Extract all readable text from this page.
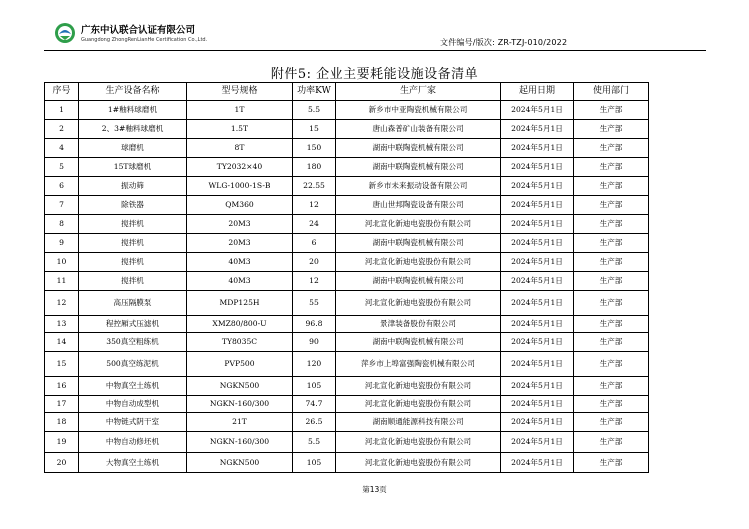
广东中认联合认证有限公司
Guangdong ZhongRenLianHe Certification Co.,Ltd.	文件编号/版次: ZR-TZJ-010/2022
附件5: 企业主要耗能设施设备清单
序号	生产设备名称	型号规格	功率KW	生产厂家	起用日期	使用部门
1	1#釉料球磨机	1T	5.5	新乡市中亚陶瓷机械有限公司	2024年5月1日	生产部
2	2、3#釉料球磨机	1.5T	15	唐山森普矿山装备有限公司	2024年5月1日	生产部
4	球磨机	8T	150	湖南中联陶瓷机械有限公司	2024年5月1日	生产部
5	15T球磨机	TY2032×40	180	湖南中联陶瓷机械有限公司	2024年5月1日	生产部
6	振动筛	WLG-1000-1S-B	22.55	新乡市未来振动设备有限公司	2024年5月1日	生产部
7	除铁器	QM360	12	唐山世邦陶瓷设备有限公司	2024年5月1日	生产部
8	搅拌机	20M3	24	河北宣化新迪电瓷股份有限公司	2024年5月1日	生产部
9	搅拌机	20M3	6	湖南中联陶瓷机械有限公司	2024年5月1日	生产部
10	搅拌机	40M3	20	河北宣化新迪电瓷股份有限公司	2024年5月1日	生产部
11	搅拌机	40M3	12	湖南中联陶瓷机械有限公司	2024年5月1日	生产部
12	高压隔膜泵	MDP125H	55	河北宣化新迪电瓷股份有限公司	2024年5月1日	生产部
13	程控厢式压滤机	XMZ80/800-U	96.8	景津装备股份有限公司	2024年5月1日	生产部
14	350真空粗练机	TY8035C	90	湖南中联陶瓷机械有限公司	2024年5月1日	生产部
15	500真空练泥机	PVP500	120	萍乡市上埠富强陶瓷机械有限公司	2024年5月1日	生产部
16	中物真空土练机	NGKN500	105	河北宣化新迪电瓷股份有限公司	2024年5月1日	生产部
17	中物自动成型机	NGKN-160/300	74.7	河北宣化新迪电瓷股份有限公司	2024年5月1日	生产部
18	中物链式阴干室	21T	26.5	湖南顺通能源科技有限公司	2024年5月1日	生产部
19	中物自动修坯机	NGKN-160/300	5.5	河北宣化新迪电瓷股份有限公司	2024年5月1日	生产部
20	大物真空土练机	NGKN500	105	河北宣化新迪电瓷股份有限公司	2024年5月1日	生产部
第13页
